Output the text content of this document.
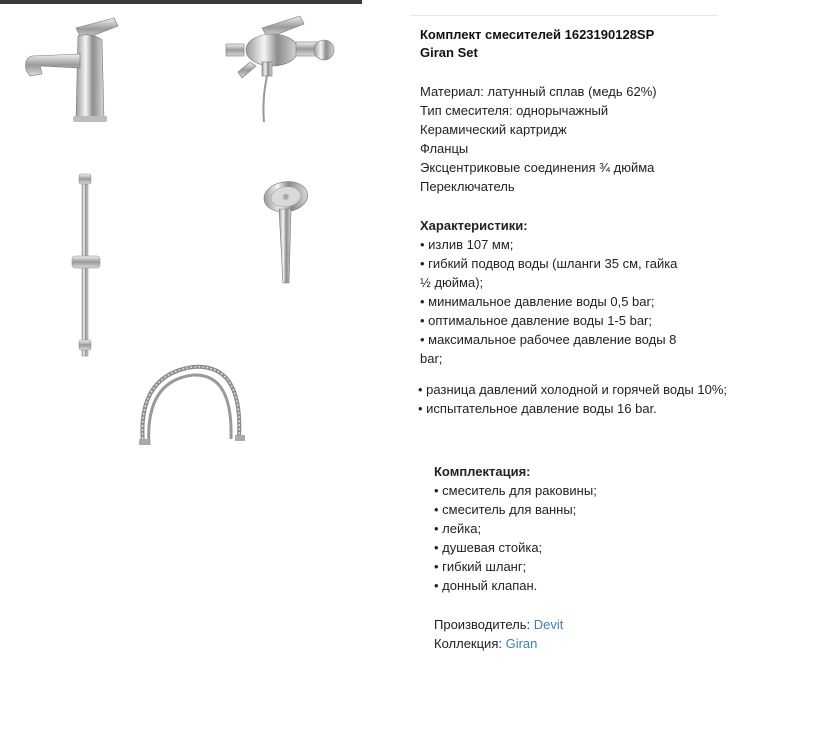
Комплект смесителей 1623190128SP
Giran Set
Материал: латунный сплав (медь 62%)
Тип смесителя: однорычажный
Керамический картридж
Фланцы
Эксцентриковые соединения ¾ дюйма
Переключатель
Характеристики:
• излив 107 мм;
• гибкий подвод воды (шланги 35 см, гайка ½ дюйма);
• минимальное давление воды 0,5 bar;
• оптимальное давление воды 1-5 bar;
• максимальное рабочее давление воды 8 bar;
• разница давлений холодной и горячей воды 10%;
• испытательное давление воды 16 bar.
Комплектация:
• смеситель для раковины;
• смеситель для ванны;
• лейка;
• душевая стойка;
• гибкий шланг;
• донный клапан.
Производитель: Devit
Коллекция: Giran
